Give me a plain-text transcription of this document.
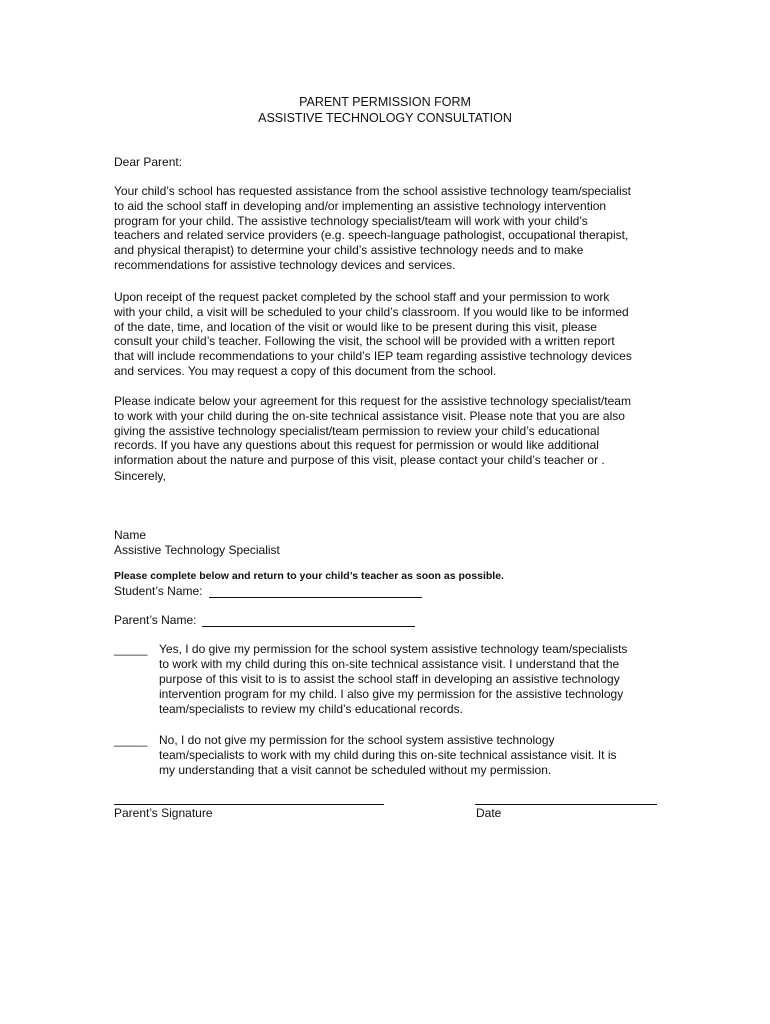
PARENT PERMISSION FORM
ASSISTIVE TECHNOLOGY CONSULTATION
Dear Parent:
Your child’s school has requested assistance from the school assistive technology team/specialist
to aid the school staff in developing and/or implementing an assistive technology intervention
program for your child. The assistive technology specialist/team will work with your child’s
teachers and related service providers (e.g. speech-language pathologist, occupational therapist,
and physical therapist) to determine your child’s assistive technology needs and to make
recommendations for assistive technology devices and services.
Upon receipt of the request packet completed by the school staff and your permission to work
with your child, a visit will be scheduled to your child’s classroom. If you would like to be informed
of the date, time, and location of the visit or would like to be present during this visit, please
consult your child’s teacher. Following the visit, the school will be provided with a written report
that will include recommendations to your child’s IEP team regarding assistive technology devices
and services. You may request a copy of this document from the school.
Please indicate below your agreement for this request for the assistive technology specialist/team
to work with your child during the on-site technical assistance visit. Please note that you are also
giving the assistive technology specialist/team permission to review your child’s educational
records. If you have any questions about this request for permission or would like additional
information about the nature and purpose of this visit, please contact your child’s teacher or .
Sincerely,
Name
Assistive Technology Specialist
Please complete below and return to your child’s teacher as soon as possible.
Student’s Name:
Parent’s Name:
_____ Yes, I do give my permission for the school system assistive technology team/specialists
to work with my child during this on-site technical assistance visit. I understand that the
purpose of this visit to is to assist the school staff in developing an assistive technology
intervention program for my child. I also give my permission for the assistive technology
team/specialists to review my child’s educational records.
_____ No, I do not give my permission for the school system assistive technology
team/specialists to work with my child during this on-site technical assistance visit. It is
my understanding that a visit cannot be scheduled without my permission.
Parent’s Signature	Date
